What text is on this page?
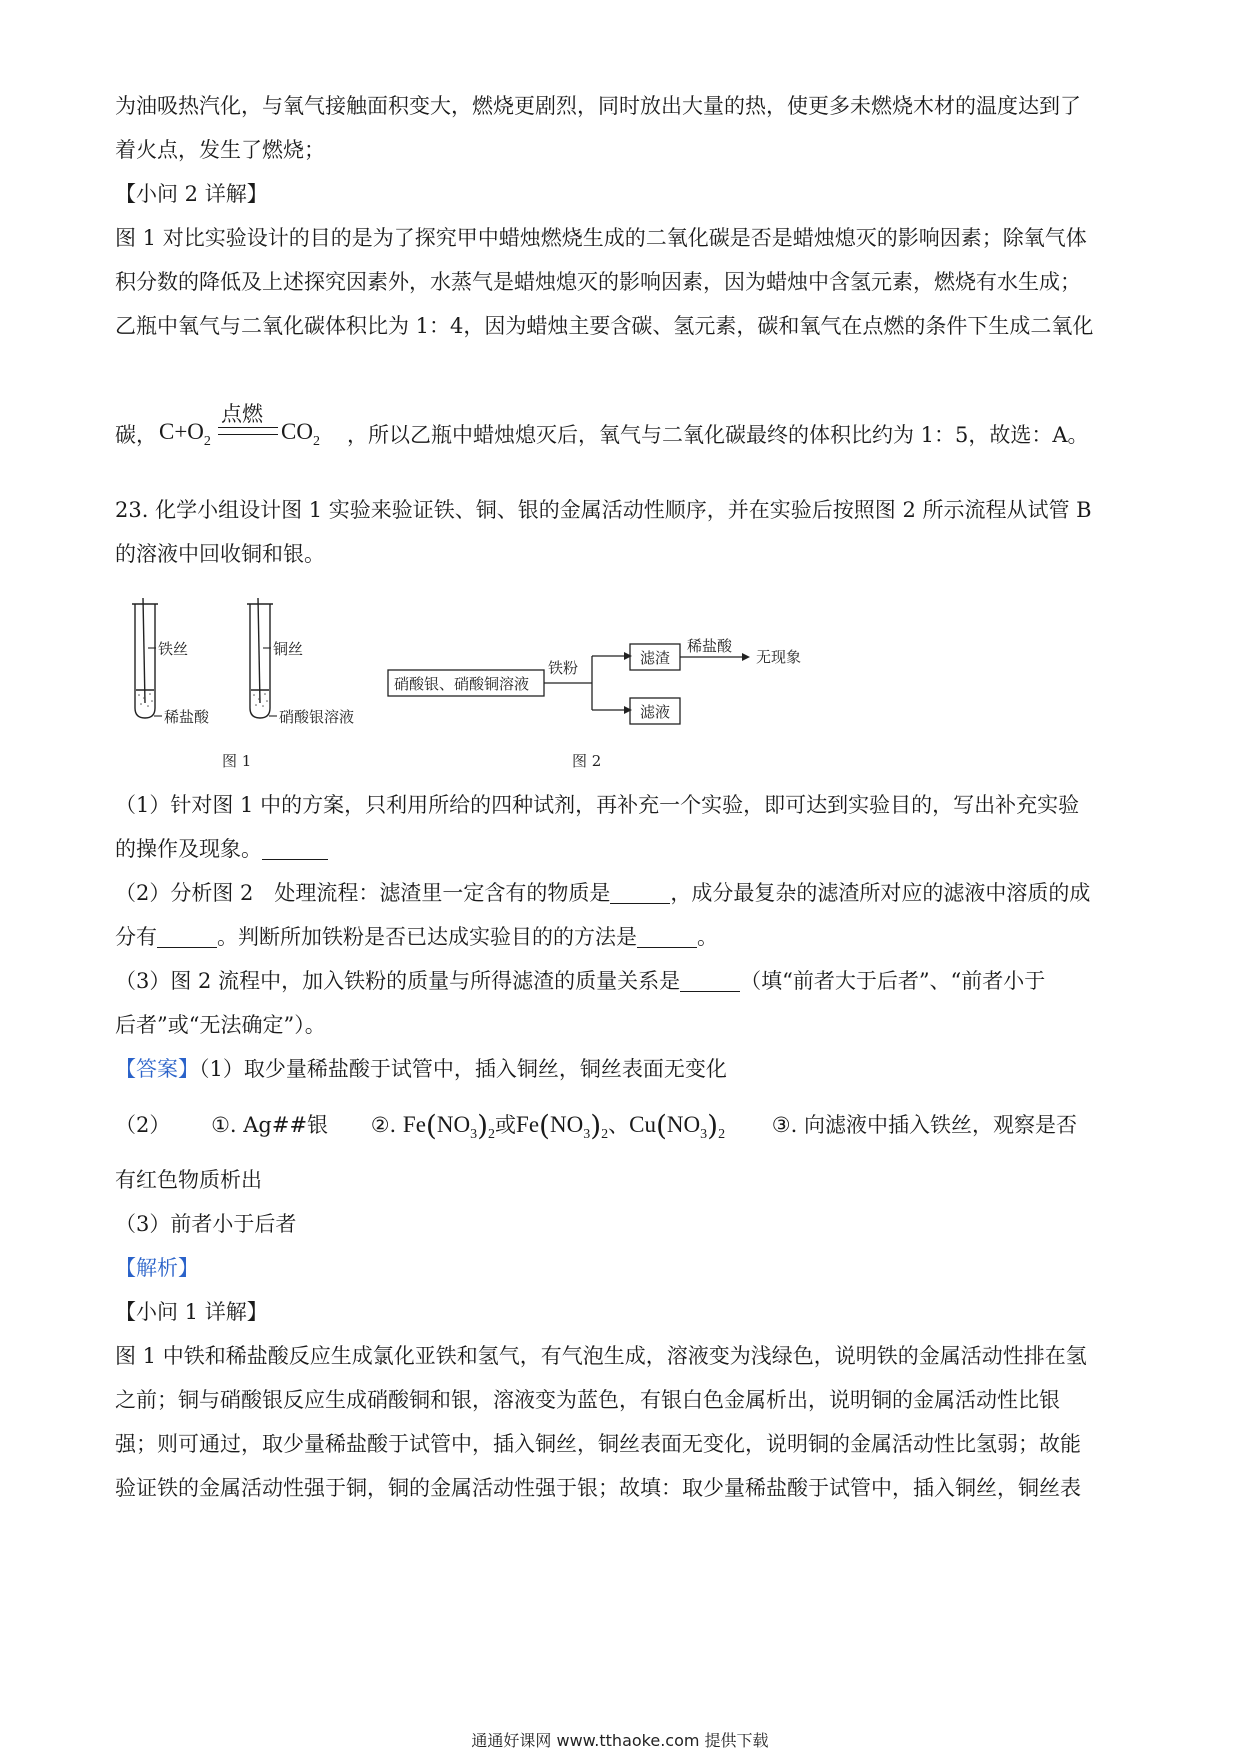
为油吸热汽化，与氧气接触面积变大，燃烧更剧烈，同时放出大量的热，使更多未燃烧木材的温度达到了
着火点，发生了燃烧；
【小问 2 详解】
图 1 对比实验设计的目的是为了探究甲中蜡烛燃烧生成的二氧化碳是否是蜡烛熄灭的影响因素；除氧气体
积分数的降低及上述探究因素外，水蒸气是蜡烛熄灭的影响因素，因为蜡烛中含氢元素，燃烧有水生成；
乙瓶中氧气与二氧化碳体积比为 1：4，因为蜡烛主要含碳、氢元素，碳和氧气在点燃的条件下生成二氧化
碳， $C+O_2$
点燃
$CO_2$ ，所以乙瓶中蜡烛熄灭后，氧气与二氧化碳最终的体积比约为 1：5，故选：A。
23. 化学小组设计图 1 实验来验证铁、铜、银的金属活动性顺序，并在实验后按照图 2 所示流程从试管 B
的溶液中回收铜和银。
铁丝
稀盐酸
铜丝
硝酸银溶液
图 1	图 2
硝酸银、硝酸铜溶液
铁粉
滤渣
滤液
稀盐酸
无现象
（1）针对图 1 中的方案，只利用所给的四种试剂，再补充一个实验，即可达到实验目的，写出补充实验
的操作及现象。
（2）分析图 2　处理流程：滤渣里一定含有的物质是	，成分最复杂的滤渣所对应的滤液中溶质的成
分有	。判断所加铁粉是否已达成实验目的的方法是	。
（3）图 2 流程中，加入铁粉的质量与所得滤渣的质量关系是	（填“前者大于后者”、“前者小于
后者”或“无法确定”）。
【答案】（1）取少量稀盐酸于试管中，插入铜丝，铜丝表面无变化
（2） ①. Ag##银 ②. $Fe(NO_3)_2$或$Fe(NO_3)_2$、$Cu(NO_3)_2$ ③. 向滤液中插入铁丝，观察是否
有红色物质析出
（3）前者小于后者
【解析】
【小问 1 详解】
图 1 中铁和稀盐酸反应生成氯化亚铁和氢气，有气泡生成，溶液变为浅绿色，说明铁的金属活动性排在氢
之前；铜与硝酸银反应生成硝酸铜和银，溶液变为蓝色，有银白色金属析出，说明铜的金属活动性比银
强；则可通过，取少量稀盐酸于试管中，插入铜丝，铜丝表面无变化，说明铜的金属活动性比氢弱；故能
验证铁的金属活动性强于铜，铜的金属活动性强于银；故填：取少量稀盐酸于试管中，插入铜丝，铜丝表
通通好课网 www.tthaoke.com 提供下载
